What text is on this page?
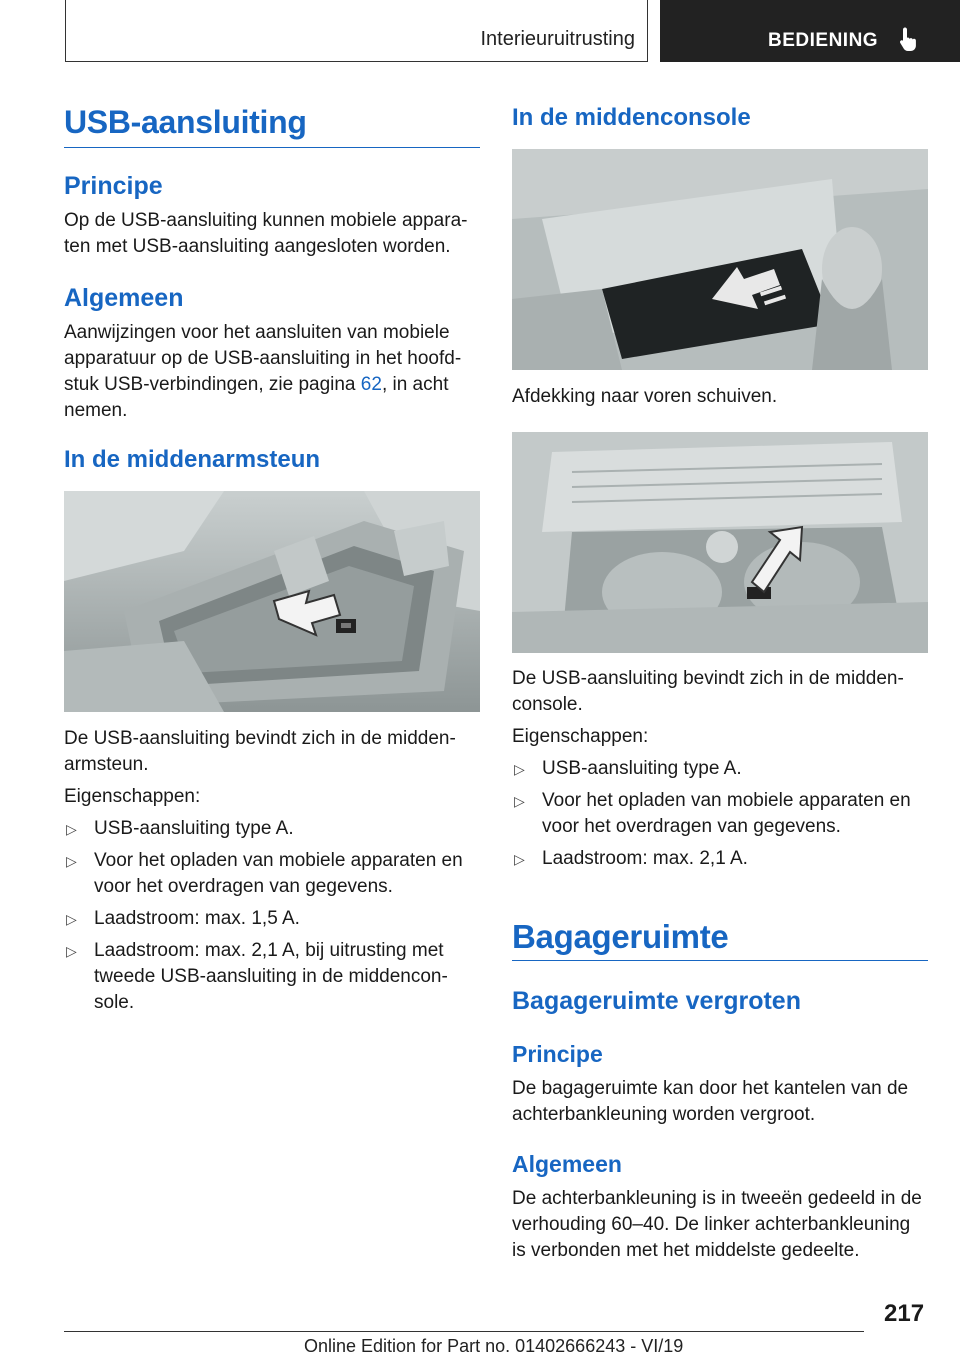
Interieuruitrusting	BEDIENING
USB-aansluiting
Principe

Op de USB-aansluiting kunnen mobiele apparaten met USB-aansluiting aangesloten worden.

Algemeen

Aanwijzingen voor het aansluiten van mobiele apparatuur op de USB-aansluiting in het hoofdstuk USB-verbindingen, zie pagina 62, in acht nemen.

In de middenarmsteun

De USB-aansluiting bevindt zich in de middenarmsteun.

Eigenschappen:

▷ USB-aansluiting type A.
▷ Voor het opladen van mobiele apparaten en voor het overdragen van gegevens.
▷ Laadstroom: max. 1,5 A.
▷ Laadstroom: max. 2,1 A, bij uitrusting met tweede USB-aansluiting in de middenconsole.
In de middenconsole

Afdekking naar voren schuiven.

De USB-aansluiting bevindt zich in de middenconsole.

Eigenschappen:

▷ USB-aansluiting type A.
▷ Voor het opladen van mobiele apparaten en voor het overdragen van gegevens.
▷ Laadstroom: max. 2,1 A.
Bagageruimte
Bagageruimte vergroten
Principe

De bagageruimte kan door het kantelen van de achterbankleuning worden vergroot.

Algemeen

De achterbankleuning is in tweeën gedeeld in de verhouding 60–40. De linker achterbankleuning is verbonden met het middelste gedeelte.

217
Online Edition for Part no. 01402666243 - VI/19
